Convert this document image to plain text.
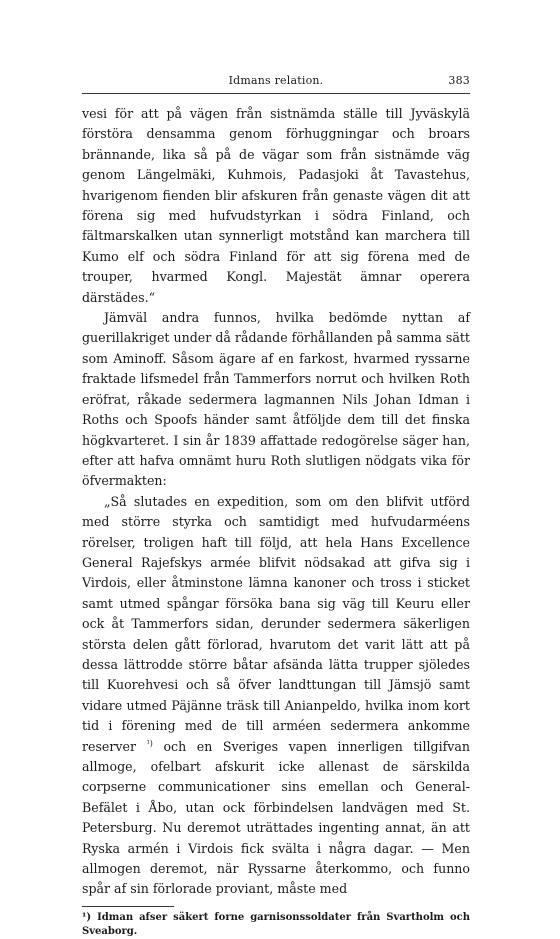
Idmans relation.	383

vesi för att på vägen från sistnämda ställe till Jyväskylä förstöra densamma genom förhuggningar och broars brännande, lika så på de vägar som från sistnämde väg genom Längelmäki, Kuhmois, Padasjoki åt Tavastehus, hvarigenom fienden blir afskuren från genaste vägen dit att förena sig med hufvudstyrkan i södra Finland, och fältmarskalken utan synnerligt motstånd kan marchera till Kumo elf och södra Finland för att sig förena med de trouper, hvarmed Kongl. Majestät ämnar operera därstädes.“

Jämväl andra funnos, hvilka bedömde nyttan af guerillakriget under då rådande förhållanden på samma sätt som Aminoff. Såsom ägare af en farkost, hvarmed ryssarne fraktade lifsmedel från Tammerfors norrut och hvilken Roth eröfrat, råkade sedermera lagmannen Nils Johan Idman i Roths och Spoofs händer samt åtföljde dem till det finska högkvarteret. I sin år 1839 affattade redogörelse säger han, efter att hafva omnämt huru Roth slutligen nödgats vika för öfvermakten:

„Så slutades en expedition, som om den blifvit utförd med större styrka och samtidigt med hufvudarméens rörelser, troligen haft till följd, att hela Hans Excellence General Rajefskys armée blifvit nödsakad att gifva sig i Virdois, eller åtminstone lämna kanoner och tross i sticket samt utmed spångar försöka bana sig väg till Keuru eller ock åt Tammerfors sidan, derunder sedermera säkerligen största delen gått förlorad, hvarutom det varit lätt att på dessa lättrodde större båtar afsända lätta trupper sjöledes till Kuorehvesi och så öfver landttungan till Jämsjö samt vidare utmed Päjänne träsk till Anianpeldo, hvilka inom kort tid i förening med de till arméen sedermera ankomme reserver $^{^1)}$ och en Sveriges vapen innerligen tillgifvan allmoge, ofelbart afskurit icke allenast de särskilda corpserne communicationer sins emellan och General-Befälet i Åbo, utan ock förbindelsen landvägen med St. Petersburg. Nu deremot uträttades ingenting annat, än att Ryska armén i Virdois fick svälta i några dagar. — Men allmogen deremot, när Ryssarne återkommo, och funno spår af sin förlorade proviant, måste med

¹) Idman afser säkert forne garnisonssoldater från Svartholm och Sveaborg.
